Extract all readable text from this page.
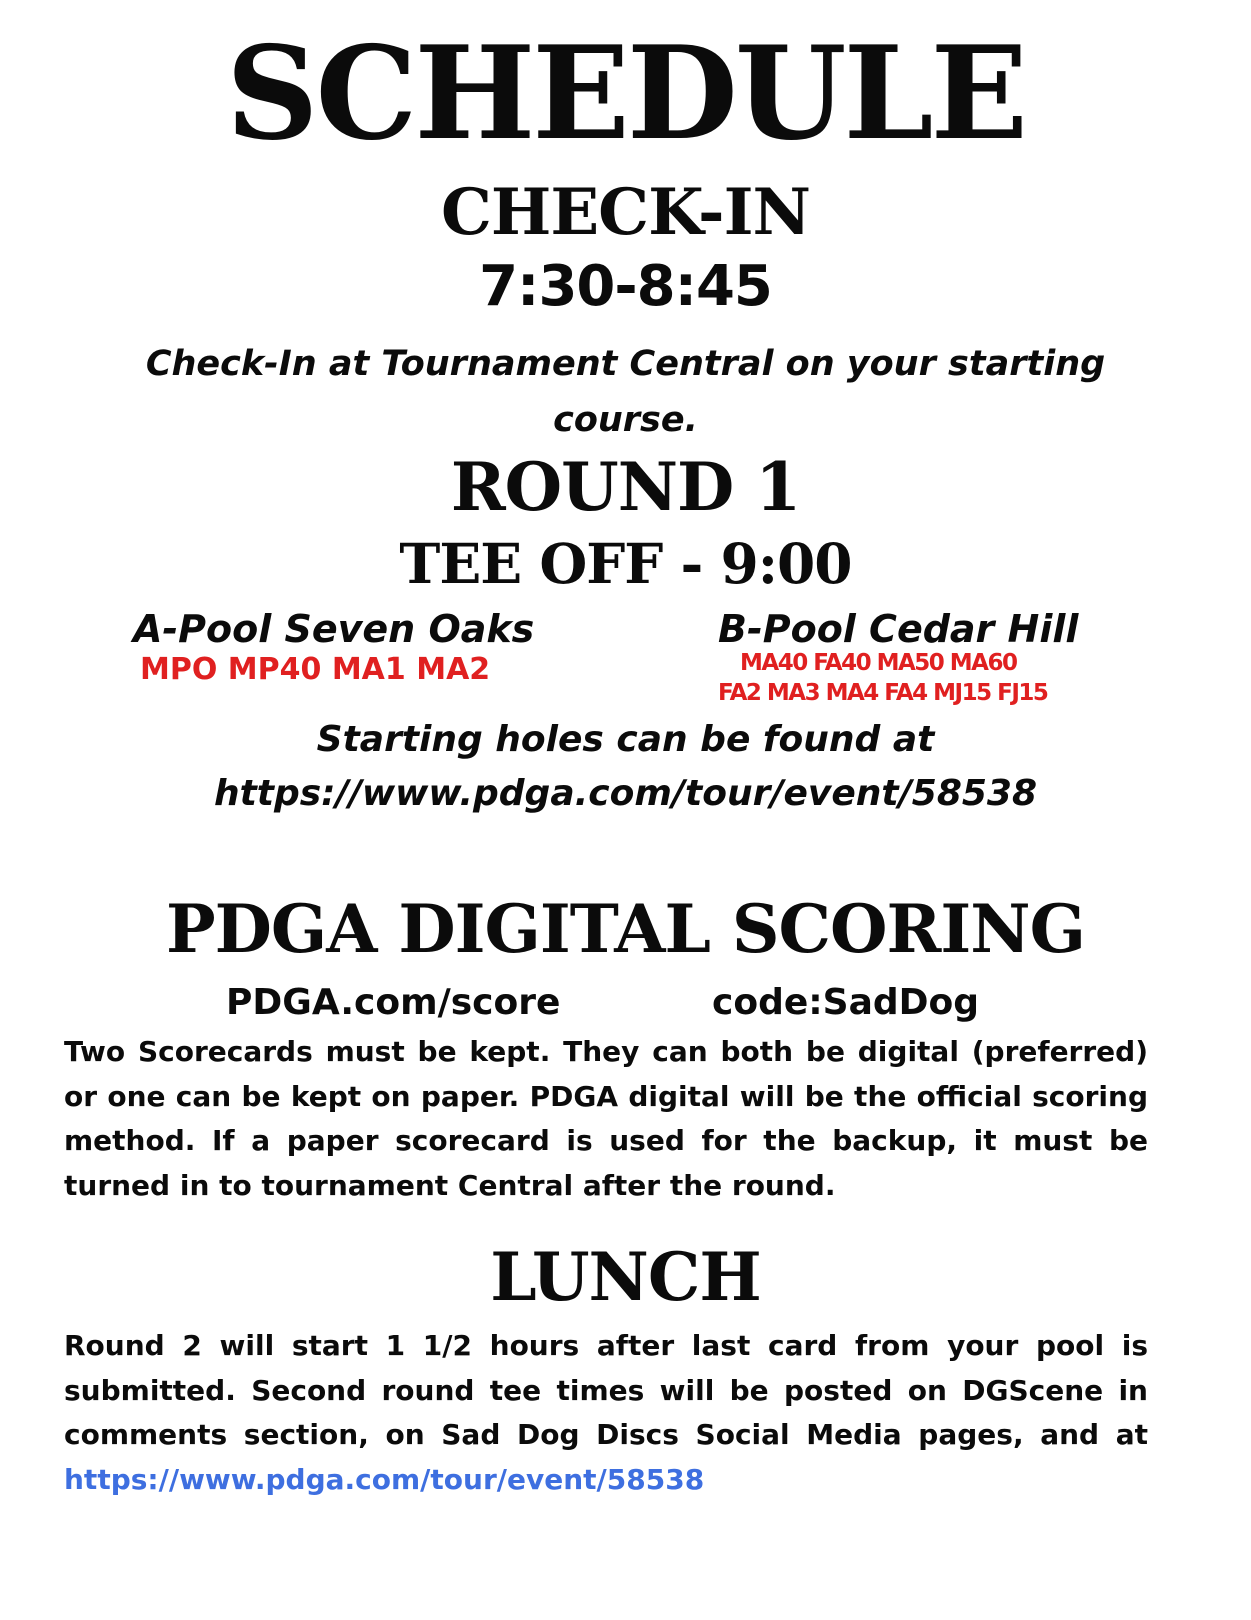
SCHEDULE
CHECK-IN
7:30-8:45
Check-In at Tournament Central on your starting course.
ROUND 1
TEE OFF - 9:00
A-Pool Seven Oaks
MPO MP40 MA1 MA2
B-Pool Cedar Hill
MA40 FA40 MA50 MA60
FA2 MA3 MA4 FA4 MJ15 FJ15
Starting holes can be found at
https://www.pdga.com/tour/event/58538
PDGA DIGITAL SCORING
PDGA.com/score	code:SadDog

Two Scorecards must be kept. They can both be digital (preferred) or one can be kept on paper. PDGA digital will be the official scoring method. If a paper scorecard is used for the backup, it must be turned in to tournament Central after the round.

LUNCH

Round 2 will start 1 1/2 hours after last card from your pool is submitted. Second round tee times will be posted on DGScene in comments section, on Sad Dog Discs Social Media pages, and at https://www.pdga.com/tour/event/58538
